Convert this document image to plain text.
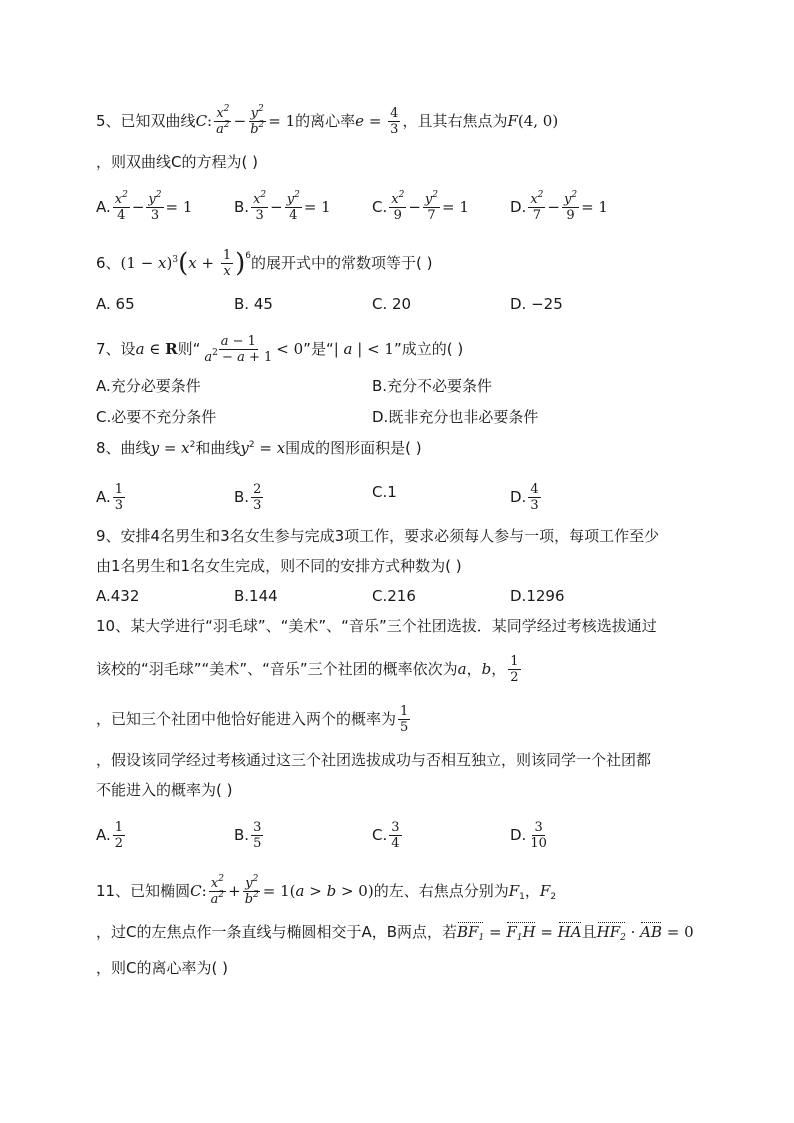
5、已知双曲线C: $\frac{x^2}{a^2} - \frac{y^2}{b^2} = 1$的离心率$e = \frac{4}{3}$ ，且其右焦点为F(4, 0)
，则双曲线C的方程为( )
A. $\frac{x^2}{4} - \frac{y^2}{3} = 1$	B. $\frac{x^2}{3} - \frac{y^2}{4} = 1$	C. $\frac{x^2}{9} - \frac{y^2}{7} = 1$	D. $\frac{x^2}{7} - \frac{y^2}{9} = 1$
6、$(1 - x)^3(x + \frac{1}{x} )^6$的展开式中的常数项等于( )
A. 65	B. 45	C. 20	D. −25
7、设a ∈ R则“ $\frac{a - 1}{a^2 - a + 1} < 0$”是“| a | < 1”成立的( )
A.充分必要条件	B.充分不必要条件
C.必要不充分条件	D.既非充分也非必要条件
8、曲线$y = x^2$和曲线$y^2 = x$围成的图形面积是( )
A. $\frac{1}{3}$	B. $\frac{2}{3}$	C.1	D. $\frac{4}{3}$
9、安排4名男生和3名女生参与完成3项工作，要求必须每人参与一项，每项工作至少
由1名男生和1名女生完成，则不同的安排方式种数为( )
A.432	B.144	C.216	D.1296
10、某大学进行“羽毛球”、“美术”、“音乐”三个社团选拔．某同学经过考核选拔通过
该校的“羽毛球”“美术”、“音乐”三个社团的概率依次为a，b， $\frac{1}{2}$
，已知三个社团中他恰好能进入两个的概率为 $\frac{1}{5}$
，假设该同学经过考核通过这三个社团选拔成功与否相互独立，则该同学一个社团都
不能进入的概率为( )
A. $\frac{1}{2}$	B. $\frac{3}{5}$	C. $\frac{3}{4}$	D. $\frac{3}{10}$
11、已知椭圆C: $\frac{x^2}{a^2} + \frac{y^2}{b^2} = 1(a > b > 0)$的左、右焦点分别为$F_1$，$F_2$
，过C的左焦点作一条直线与椭圆相交于A，B两点，若$BF_1 = F_1H$ = HA且$HF_2$ · AB = 0
，则C的离心率为( )
